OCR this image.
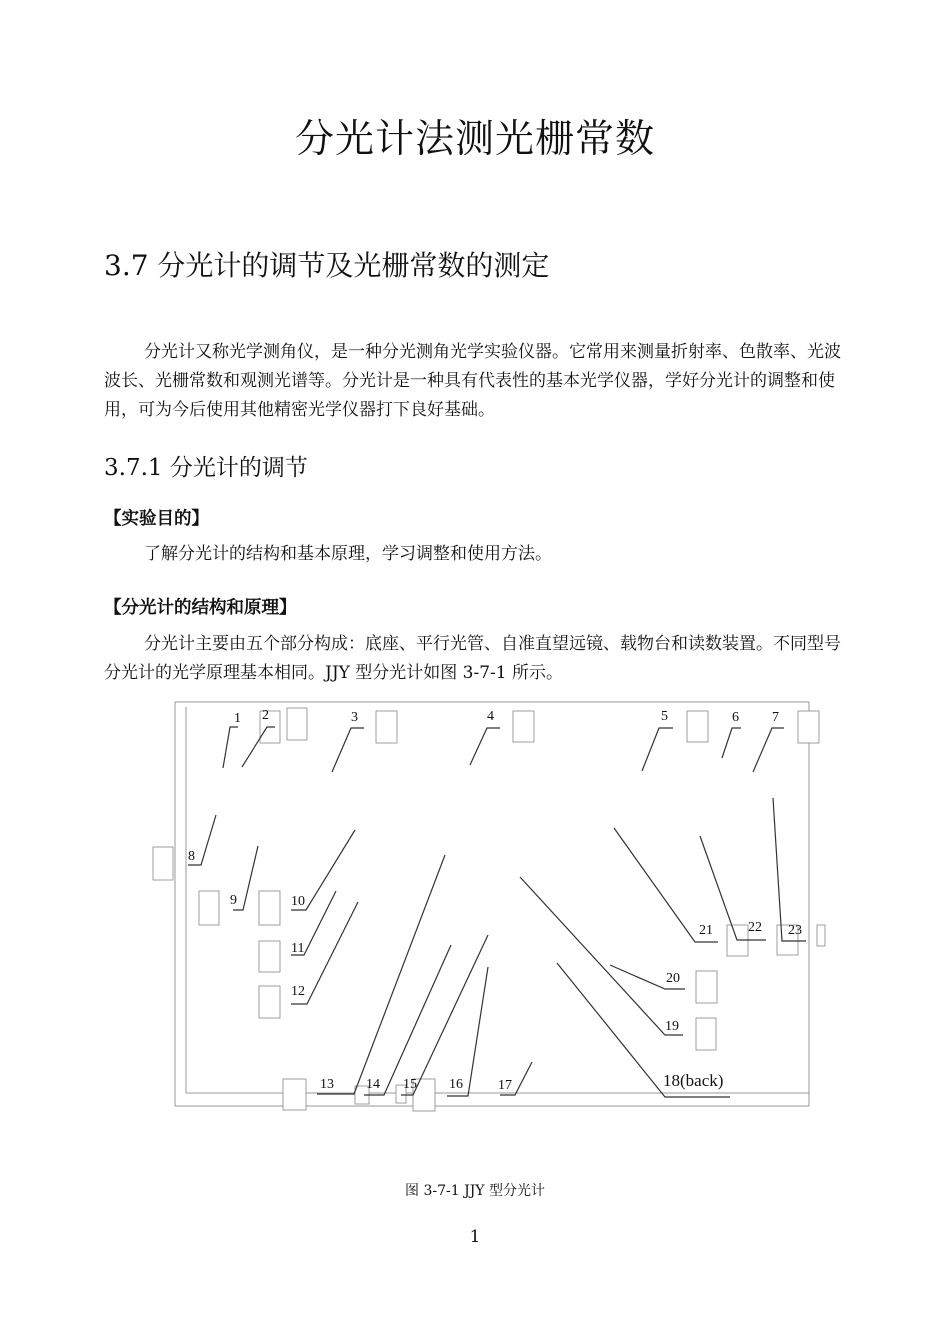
分光计法测光栅常数
3.7 分光计的调节及光栅常数的测定
分光计又称光学测角仪，是一种分光测角光学实验仪器。它常用来测量折射率、色散率、光波波长、光栅常数和观测光谱等。分光计是一种具有代表性的基本光学仪器，学好分光计的调整和使用，可为今后使用其他精密光学仪器打下良好基础。
3.7.1 分光计的调节
【实验目的】
了解分光计的结构和基本原理，学习调整和使用方法。
【分光计的结构和原理】
分光计主要由五个部分构成：底座、平行光管、自准直望远镜、载物台和读数装置。不同型号分光计的光学原理基本相同。JJY 型分光计如图 3-7-1 所示。
1 2	3	4	5	6 7
8
9	10
11
12
13 14 15 16	17	18(back)
19
20
21	22 23
图 3-7-1 JJY 型分光计
1
